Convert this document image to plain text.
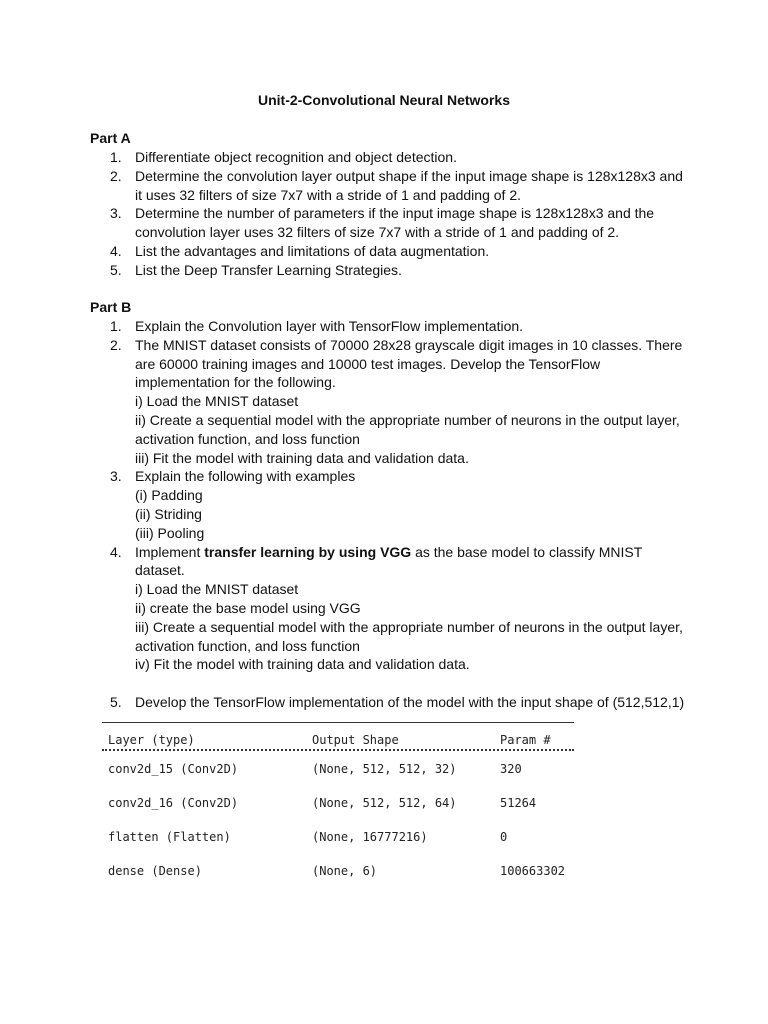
Unit-2-Convolutional Neural Networks
Part A
1. Differentiate object recognition and object detection.
2. Determine the convolution layer output shape if the input image shape is 128x128x3 and it uses 32 filters of size 7x7 with a stride of 1 and padding of 2.
3. Determine the number of parameters if the input image shape is 128x128x3 and the convolution layer uses 32 filters of size 7x7 with a stride of 1 and padding of 2.
4. List the advantages and limitations of data augmentation.
5. List the Deep Transfer Learning Strategies.
Part B
1. Explain the Convolution layer with TensorFlow implementation.
2. The MNIST dataset consists of 70000 28x28 grayscale digit images in 10 classes. There are 60000 training images and 10000 test images. Develop the TensorFlow implementation for the following.
i) Load the MNIST dataset
ii) Create a sequential model with the appropriate number of neurons in the output layer, activation function, and loss function
iii) Fit the model with training data and validation data.
3. Explain the following with examples
(i) Padding
(ii) Striding
(iii) Pooling
4. Implement transfer learning by using VGG as the base model to classify MNIST dataset.
i) Load the MNIST dataset
ii) create the base model using VGG
iii) Create a sequential model with the appropriate number of neurons in the output layer, activation function, and loss function
iv) Fit the model with training data and validation data.
5. Develop the TensorFlow implementation of the model with the input shape of (512,512,1)
Layer (type)	Output Shape	Param #
conv2d_15 (Conv2D)	(None, 512, 512, 32)	320
conv2d_16 (Conv2D)	(None, 512, 512, 64)	51264
flatten (Flatten)	(None, 16777216)	0
dense (Dense)	(None, 6)	100663302
